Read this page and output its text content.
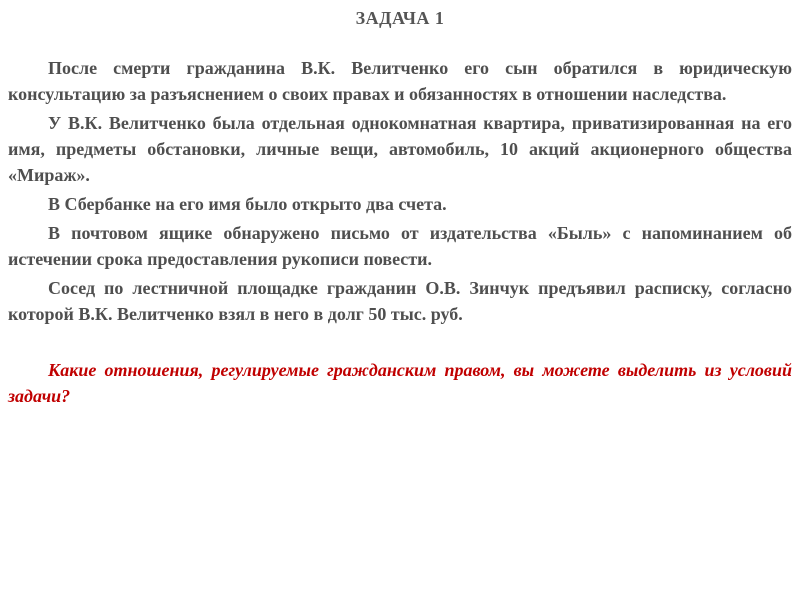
ЗАДАЧА 1

После смерти гражданина В.К. Велитченко его сын обратился в юридическую консультацию за разъяснением о своих правах и обязанностях в отношении наследства.

У В.К. Велитченко была отдельная однокомнатная квартира, приватизированная на его имя, предметы обстановки, личные вещи, автомобиль, 10 акций акционерного общества «Мираж».

В Сбербанке на его имя было открыто два счета.

В почтовом ящике обнаружено письмо от издательства «Быль» с напоминанием об истечении срока предоставления рукописи повести.

Сосед по лестничной площадке гражданин О.В. Зинчук предъявил расписку, согласно которой В.К. Велитченко взял в него в долг 50 тыс. руб.

Какие отношения, регулируемые гражданским правом, вы можете выделить из условий задачи?
